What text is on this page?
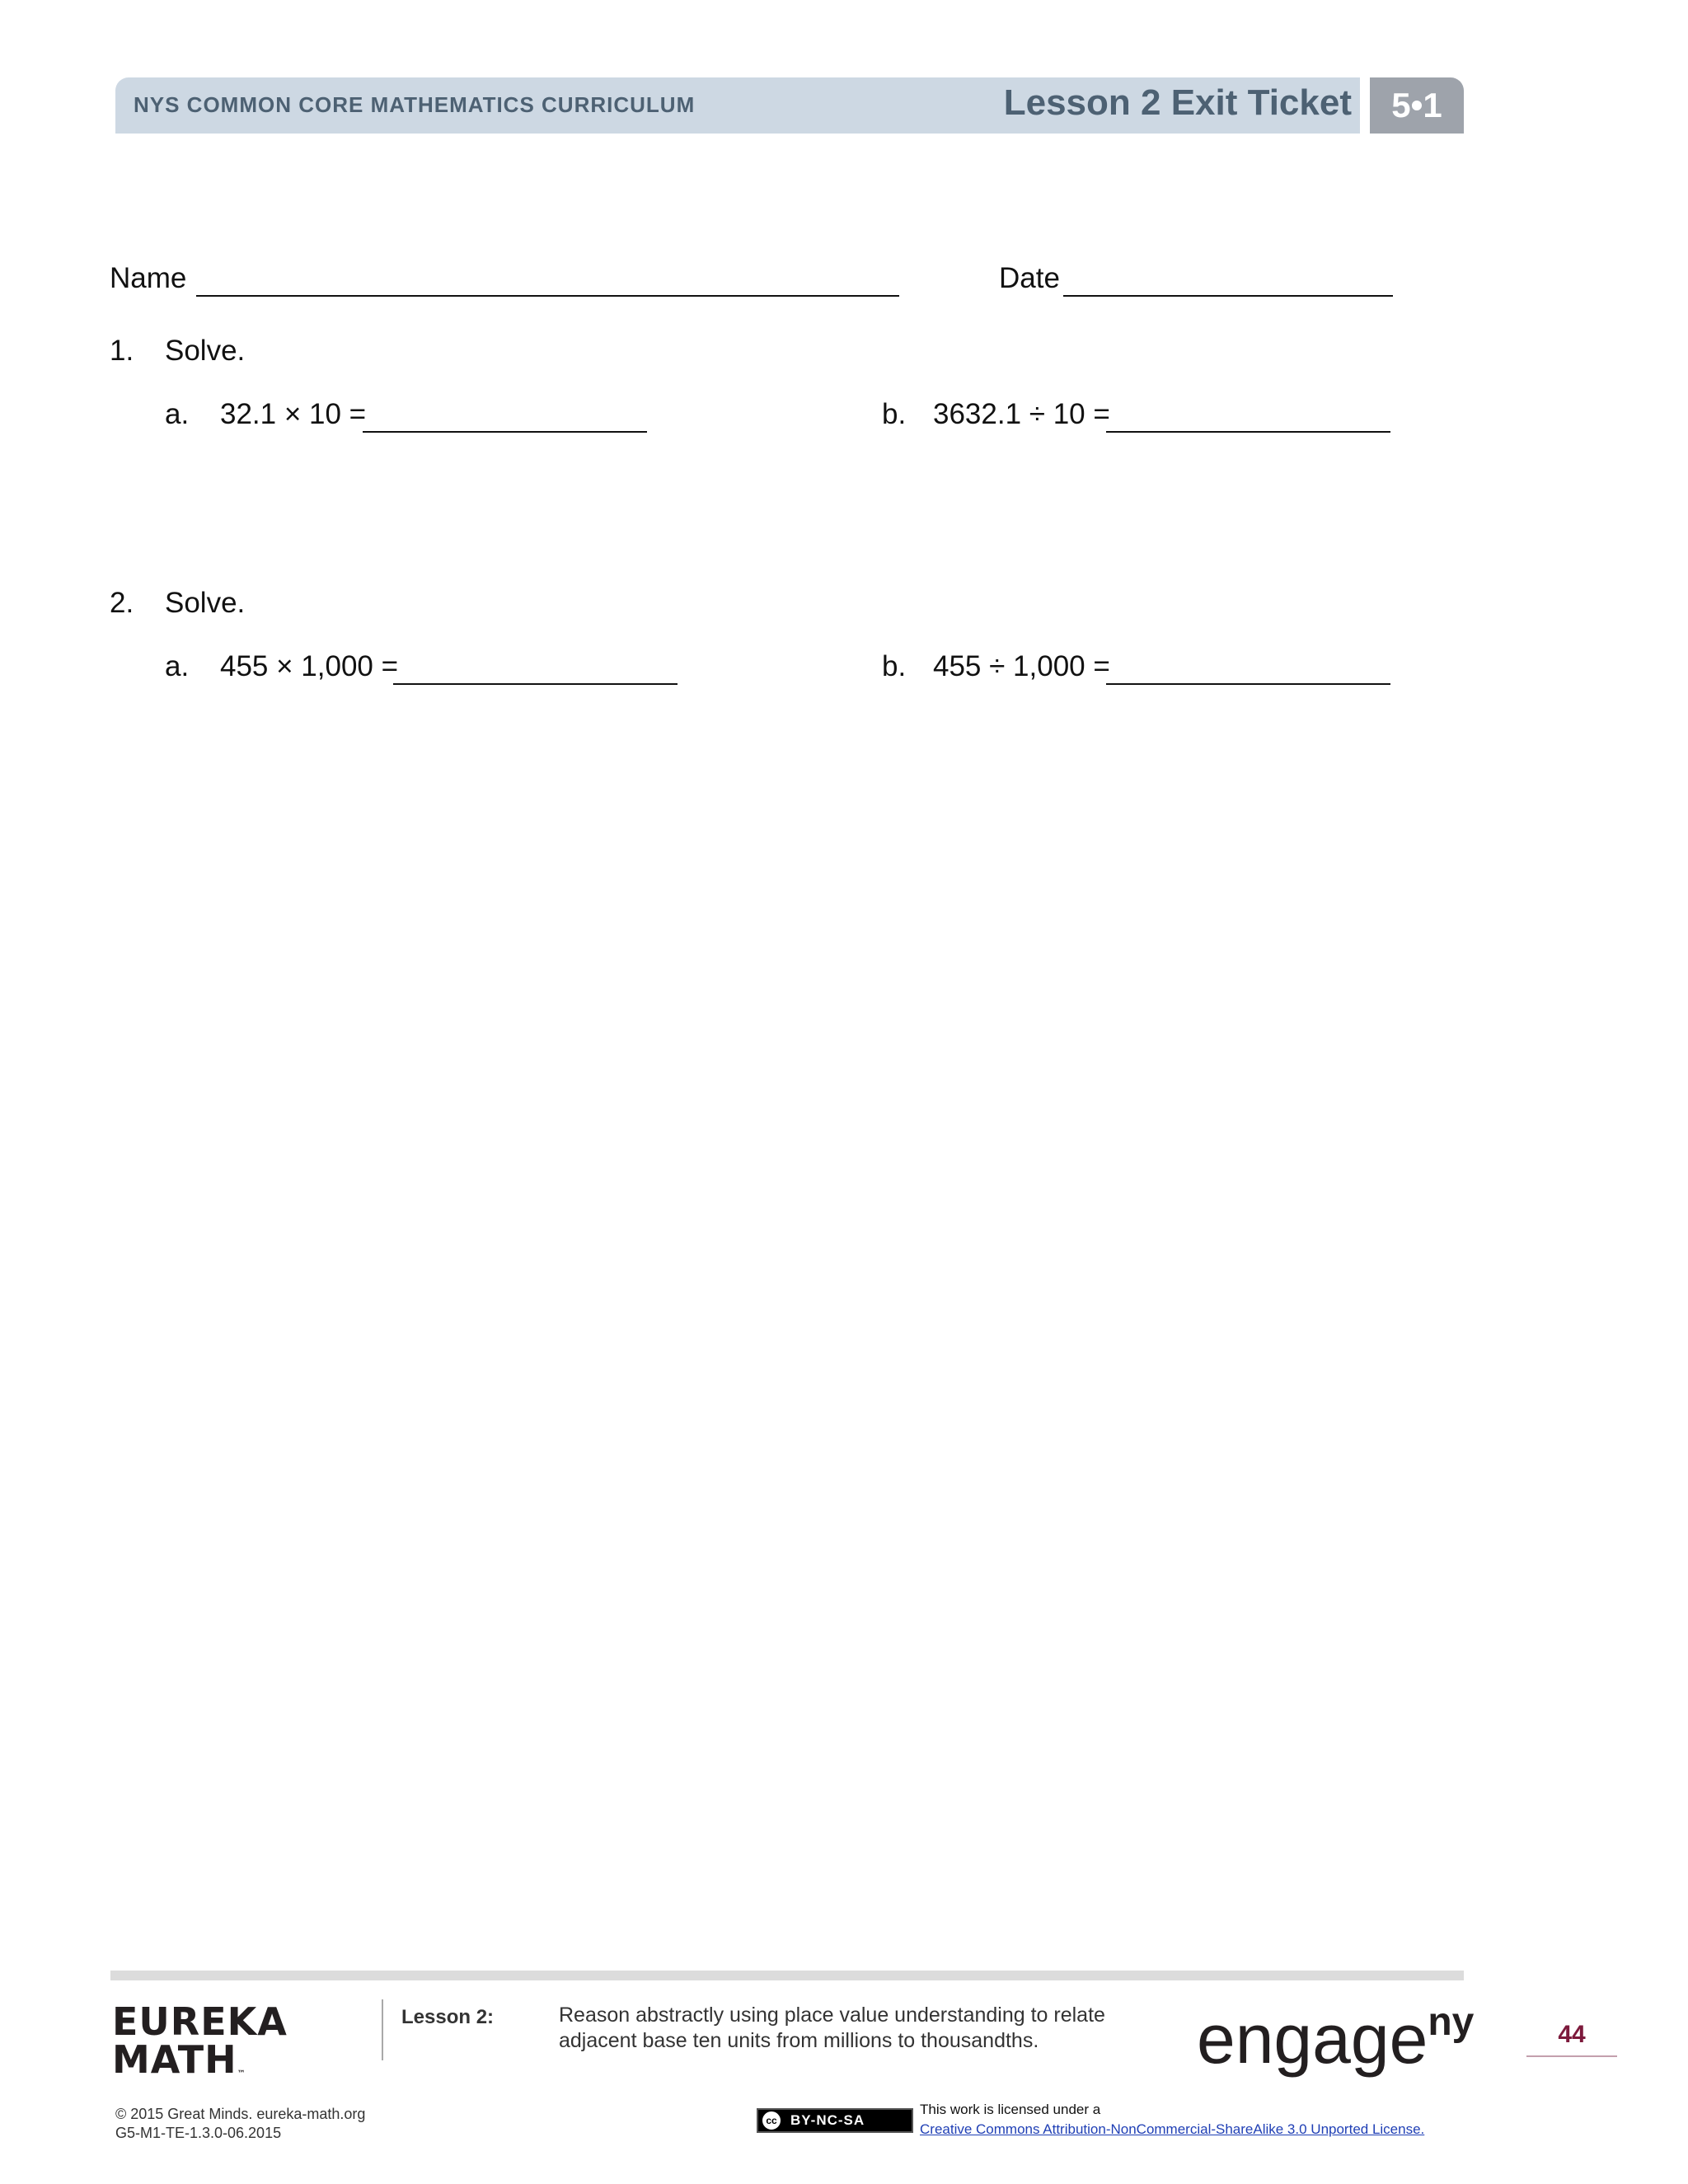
NYS COMMON CORE MATHEMATICS CURRICULUM	Lesson 2 Exit Ticket	5•1
Name	Date
1. Solve.
a. 32.1 × 10 =	b. 3632.1 ÷ 10 =
2. Solve.
a. 455 × 1,000 =	b. 455 ÷ 1,000 =
EUREKA
MATH™
Lesson 2:	Reason abstractly using place value understanding to relate adjacent base ten units from millions to thousandths.	engage$^{ny}$	44
© 2015 Great Minds. eureka-math.org
G5-M1-TE-1.3.0-06.2015
cc BY-NC-SA
This work is licensed under a
Creative Commons Attribution-NonCommercial-ShareAlike 3.0 Unported License.
